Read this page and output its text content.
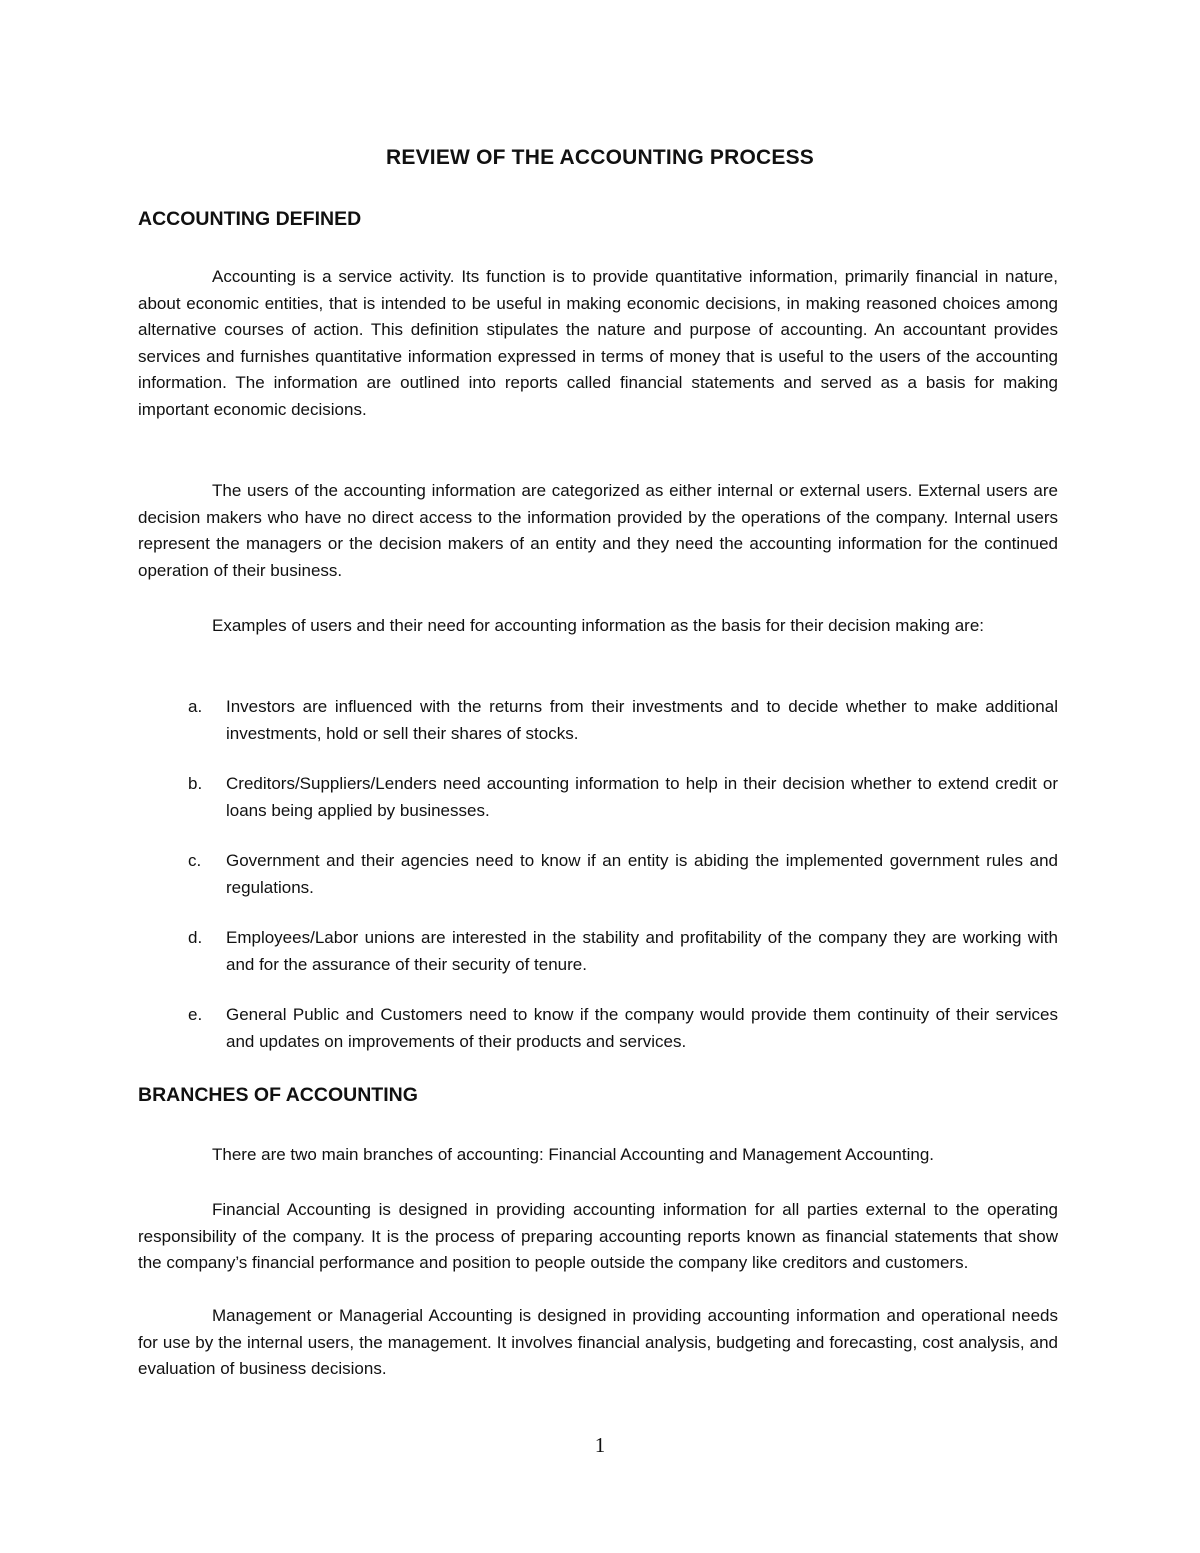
REVIEW OF THE ACCOUNTING PROCESS
ACCOUNTING DEFINED

Accounting is a service activity. Its function is to provide quantitative information, primarily financial in nature, about economic entities, that is intended to be useful in making economic decisions, in making reasoned choices among alternative courses of action. This definition stipulates the nature and purpose of accounting. An accountant provides services and furnishes quantitative information expressed in terms of money that is useful to the users of the accounting information. The information are outlined into reports called financial statements and served as a basis for making important economic decisions.

The users of the accounting information are categorized as either internal or external users. External users are decision makers who have no direct access to the information provided by the operations of the company. Internal users represent the managers or the decision makers of an entity and they need the accounting information for the continued operation of their business.

Examples of users and their need for accounting information as the basis for their decision making are:

a. Investors are influenced with the returns from their investments and to decide whether to make additional investments, hold or sell their shares of stocks.
b. Creditors/Suppliers/Lenders need accounting information to help in their decision whether to extend credit or loans being applied by businesses.
c. Government and their agencies need to know if an entity is abiding the implemented government rules and regulations.
d. Employees/Labor unions are interested in the stability and profitability of the company they are working with and for the assurance of their security of tenure.
e. General Public and Customers need to know if the company would provide them continuity of their services and updates on improvements of their products and services.
BRANCHES OF ACCOUNTING

There are two main branches of accounting: Financial Accounting and Management Accounting.

Financial Accounting is designed in providing accounting information for all parties external to the operating responsibility of the company. It is the process of preparing accounting reports known as financial statements that show the company’s financial performance and position to people outside the company like creditors and customers.

Management or Managerial Accounting is designed in providing accounting information and operational needs for use by the internal users, the management. It involves financial analysis, budgeting and forecasting, cost analysis, and evaluation of business decisions.

1
